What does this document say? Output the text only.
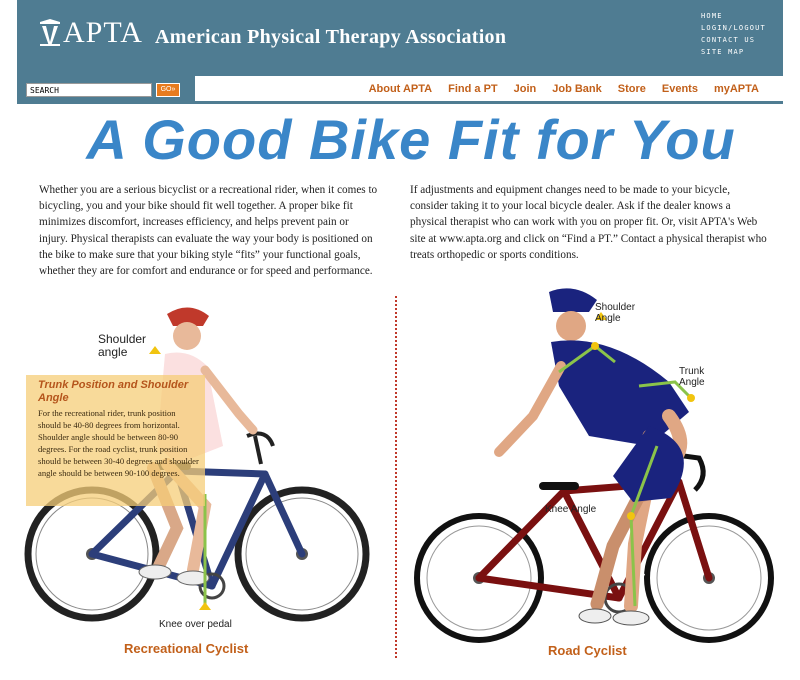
APTA American Physical Therapy Association
HOME
LOGIN/LOGOUT
CONTACT US
SITE MAP
SEARCH
GO»	About APTA Find a PT Join Job Bank Store Events myAPTA
A Good Bike Fit for You

Whether you are a serious bicyclist or a recreational rider, when it comes to bicycling, you and your bike should fit well together. A proper bike fit minimizes discomfort, increases efficiency, and helps prevent pain or injury. Physical therapists can evaluate the way your body is positioned on the bike to make sure that your biking style “fits” your functional goals, whether they are for comfort and endurance or for speed and performance.

If adjustments and equipment changes need to be made to your bicycle, consider taking it to your local bicycle dealer. Ask if the dealer knows a physical therapist who can work with you on proper fit. Or, visit APTA's Web site at www.apta.org and click on “Find a PT.” Contact a physical therapist who treats orthopedic or sports conditions.

RALEIGH
Shoulder angle
Knee over pedal
Recreational Cyclist
Trunk Position and Shoulder Angle
For the recreational rider, trunk position should be 40-80 degrees from horizontal. Shoulder angle should be between 80-90 degrees. For the road cyclist, trunk position should be between 30-40 degrees and shoulder angle should be between 90-100 degrees.
RALEIGH
Shoulder Angle
Trunk Angle
Knee Angle
Road Cyclist
